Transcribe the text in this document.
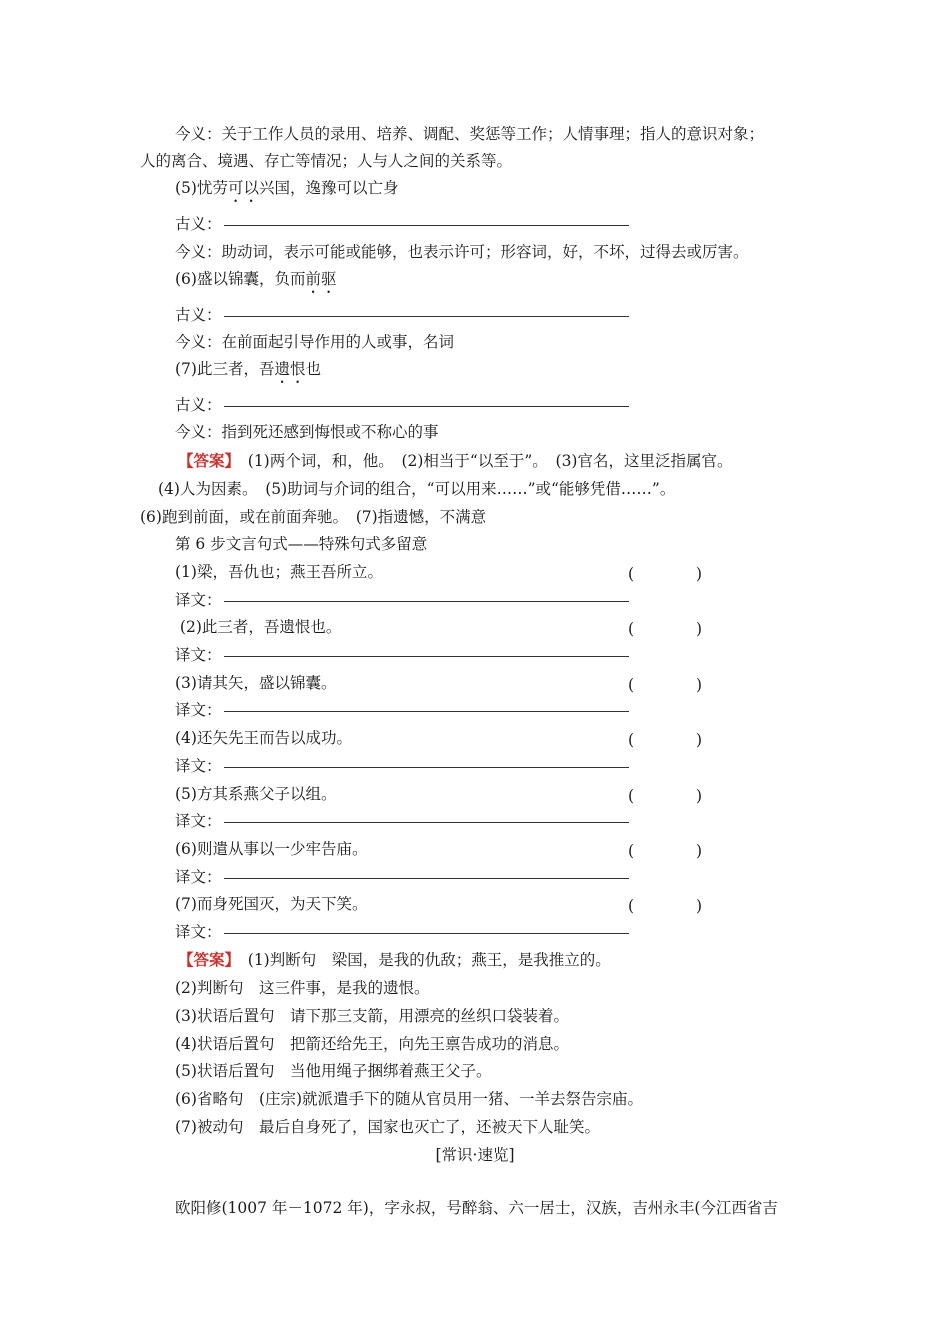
今义：关于工作人员的录用、培养、调配、奖惩等工作；人情事理；指人的意识对象；
人的离合、境遇、存亡等情况；人与人之间的关系等。
(5)忧劳可以兴国，逸豫可以亡身
古义：
今义：助动词，表示可能或能够，也表示许可；形容词，好，不坏，过得去或厉害。
(6)盛以锦囊，负而前驱
古义：
今义：在前面起引导作用的人或事，名词
(7)此三者，吾遗恨也
古义：
今义：指到死还感到悔恨或不称心的事
【答案】　(1)两个词，和，他。　(2)相当于“以至于”。　(3)官名，这里泛指属官。
(4)人为因素。　(5)助词与介词的组合，“可以用来……”或“能够凭借……”。
(6)跑到前面，或在前面奔驰。　(7)指遗憾，不满意
第 6 步文言句式——特殊句式多留意
(1)梁，吾仇也；燕王吾所立。	(　　　　)
译文：
(2)此三者，吾遗恨也。	(　　　　)
译文：
(3)请其矢，盛以锦囊。	(　　　　)
译文：
(4)还矢先王而告以成功。	(　　　　)
译文：
(5)方其系燕父子以组。	(　　　　)
译文：
(6)则遣从事以一少牢告庙。	(　　　　)
译文：
(7)而身死国灭，为天下笑。	(　　　　)
译文：
【答案】　(1)判断句　梁国，是我的仇敌；燕王，是我推立的。
(2)判断句　这三件事，是我的遗恨。
(3)状语后置句　请下那三支箭，用漂亮的丝织口袋装着。
(4)状语后置句　把箭还给先王，向先王禀告成功的消息。
(5)状语后置句　当他用绳子捆绑着燕王父子。
(6)省略句　(庄宗)就派遣手下的随从官员用一猪、一羊去祭告宗庙。
(7)被动句　最后自身死了，国家也灭亡了，还被天下人耻笑。
[常识·速览]
欧阳修(1007 年－1072 年)，字永叔，号醉翁、六一居士，汉族，吉州永丰(今江西省吉
